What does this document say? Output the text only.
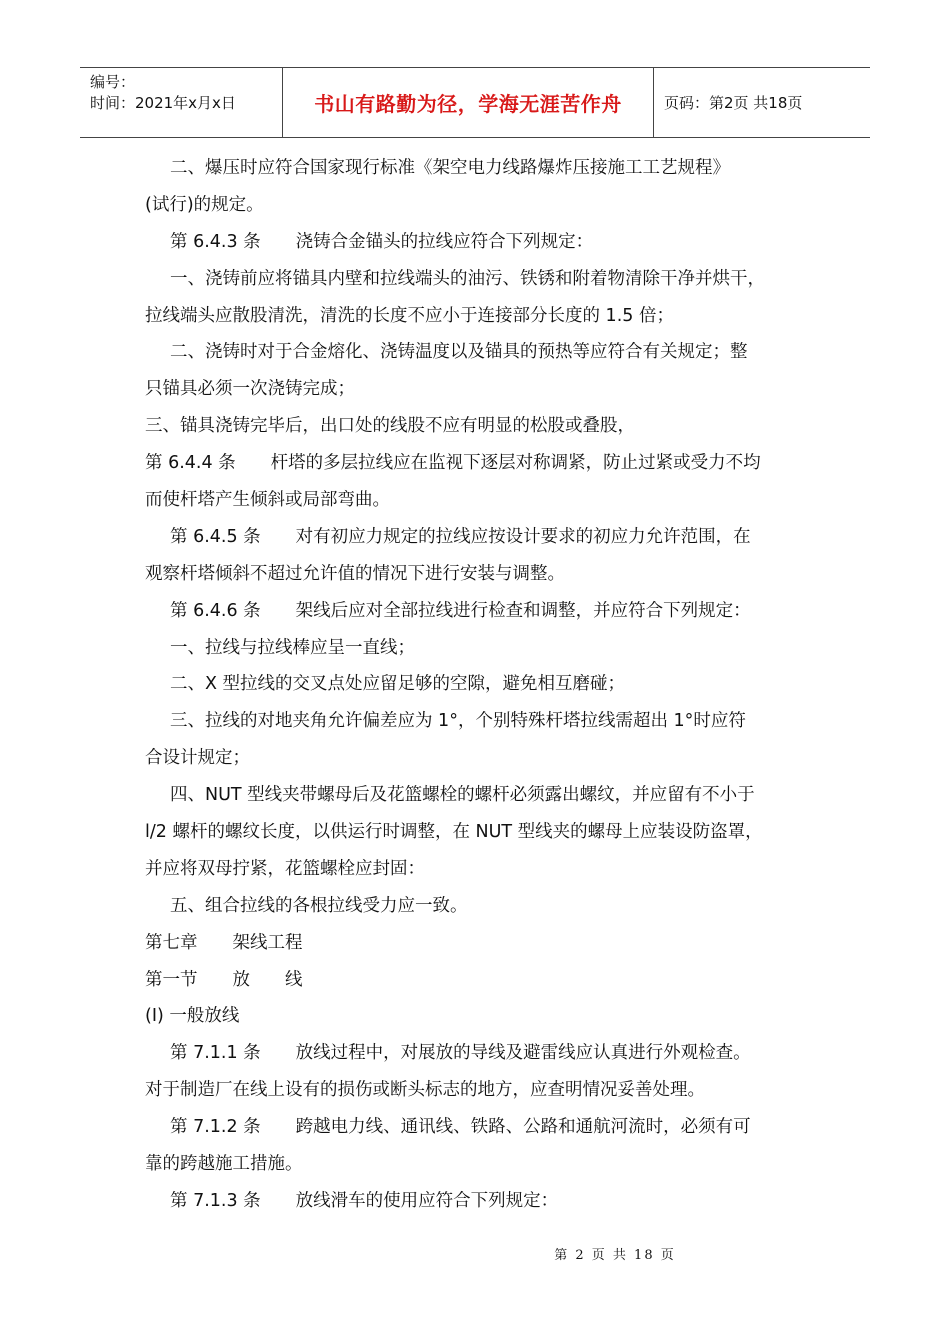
编号：
时间：2021年x月x日	书山有路勤为径，学海无涯苦作舟	页码：第2页 共18页
二、爆压时应符合国家现行标准《架空电力线路爆炸压接施工工艺规程》
(试行)的规定。
第 6.4.3 条　　浇铸合金锚头的拉线应符合下列规定：
一、浇铸前应将锚具内壁和拉线端头的油污、铁锈和附着物清除干净并烘干，
拉线端头应散股清洗，清洗的长度不应小于连接部分长度的 1.5 倍；
二、浇铸时对于合金熔化、浇铸温度以及锚具的预热等应符合有关规定；整
只锚具必须一次浇铸完成；
三、锚具浇铸完毕后，出口处的线股不应有明显的松股或叠股，
第 6.4.4 条　　杆塔的多层拉线应在监视下逐层对称调紧，防止过紧或受力不均
而使杆塔产生倾斜或局部弯曲。
第 6.4.5 条　　对有初应力规定的拉线应按设计要求的初应力允许范围，在
观察杆塔倾斜不超过允许值的情况下进行安装与调整。
第 6.4.6 条　　架线后应对全部拉线进行检查和调整，并应符合下列规定：
一、拉线与拉线棒应呈一直线；
二、X 型拉线的交叉点处应留足够的空隙，避免相互磨碰；
三、拉线的对地夹角允许偏差应为 1°，个别特殊杆塔拉线需超出 1°时应符
合设计规定；
四、NUT 型线夹带螺母后及花篮螺栓的螺杆必须露出螺纹，并应留有不小于
l/2 螺杆的螺纹长度，以供运行时调整，在 NUT 型线夹的螺母上应装设防盗罩，
并应将双母拧紧，花篮螺栓应封固：
五、组合拉线的各根拉线受力应一致。
第七章　　架线工程
第一节　　放　　线
(Ⅰ) 一般放线
第 7.1.1 条　　放线过程中，对展放的导线及避雷线应认真进行外观检查。
对于制造厂在线上设有的损伤或断头标志的地方，应查明情况妥善处理。
第 7.1.2 条　　跨越电力线、通讯线、铁路、公路和通航河流时，必须有可
靠的跨越施工措施。
第 7.1.3 条　　放线滑车的使用应符合下列规定：
第 2 页 共 18 页
